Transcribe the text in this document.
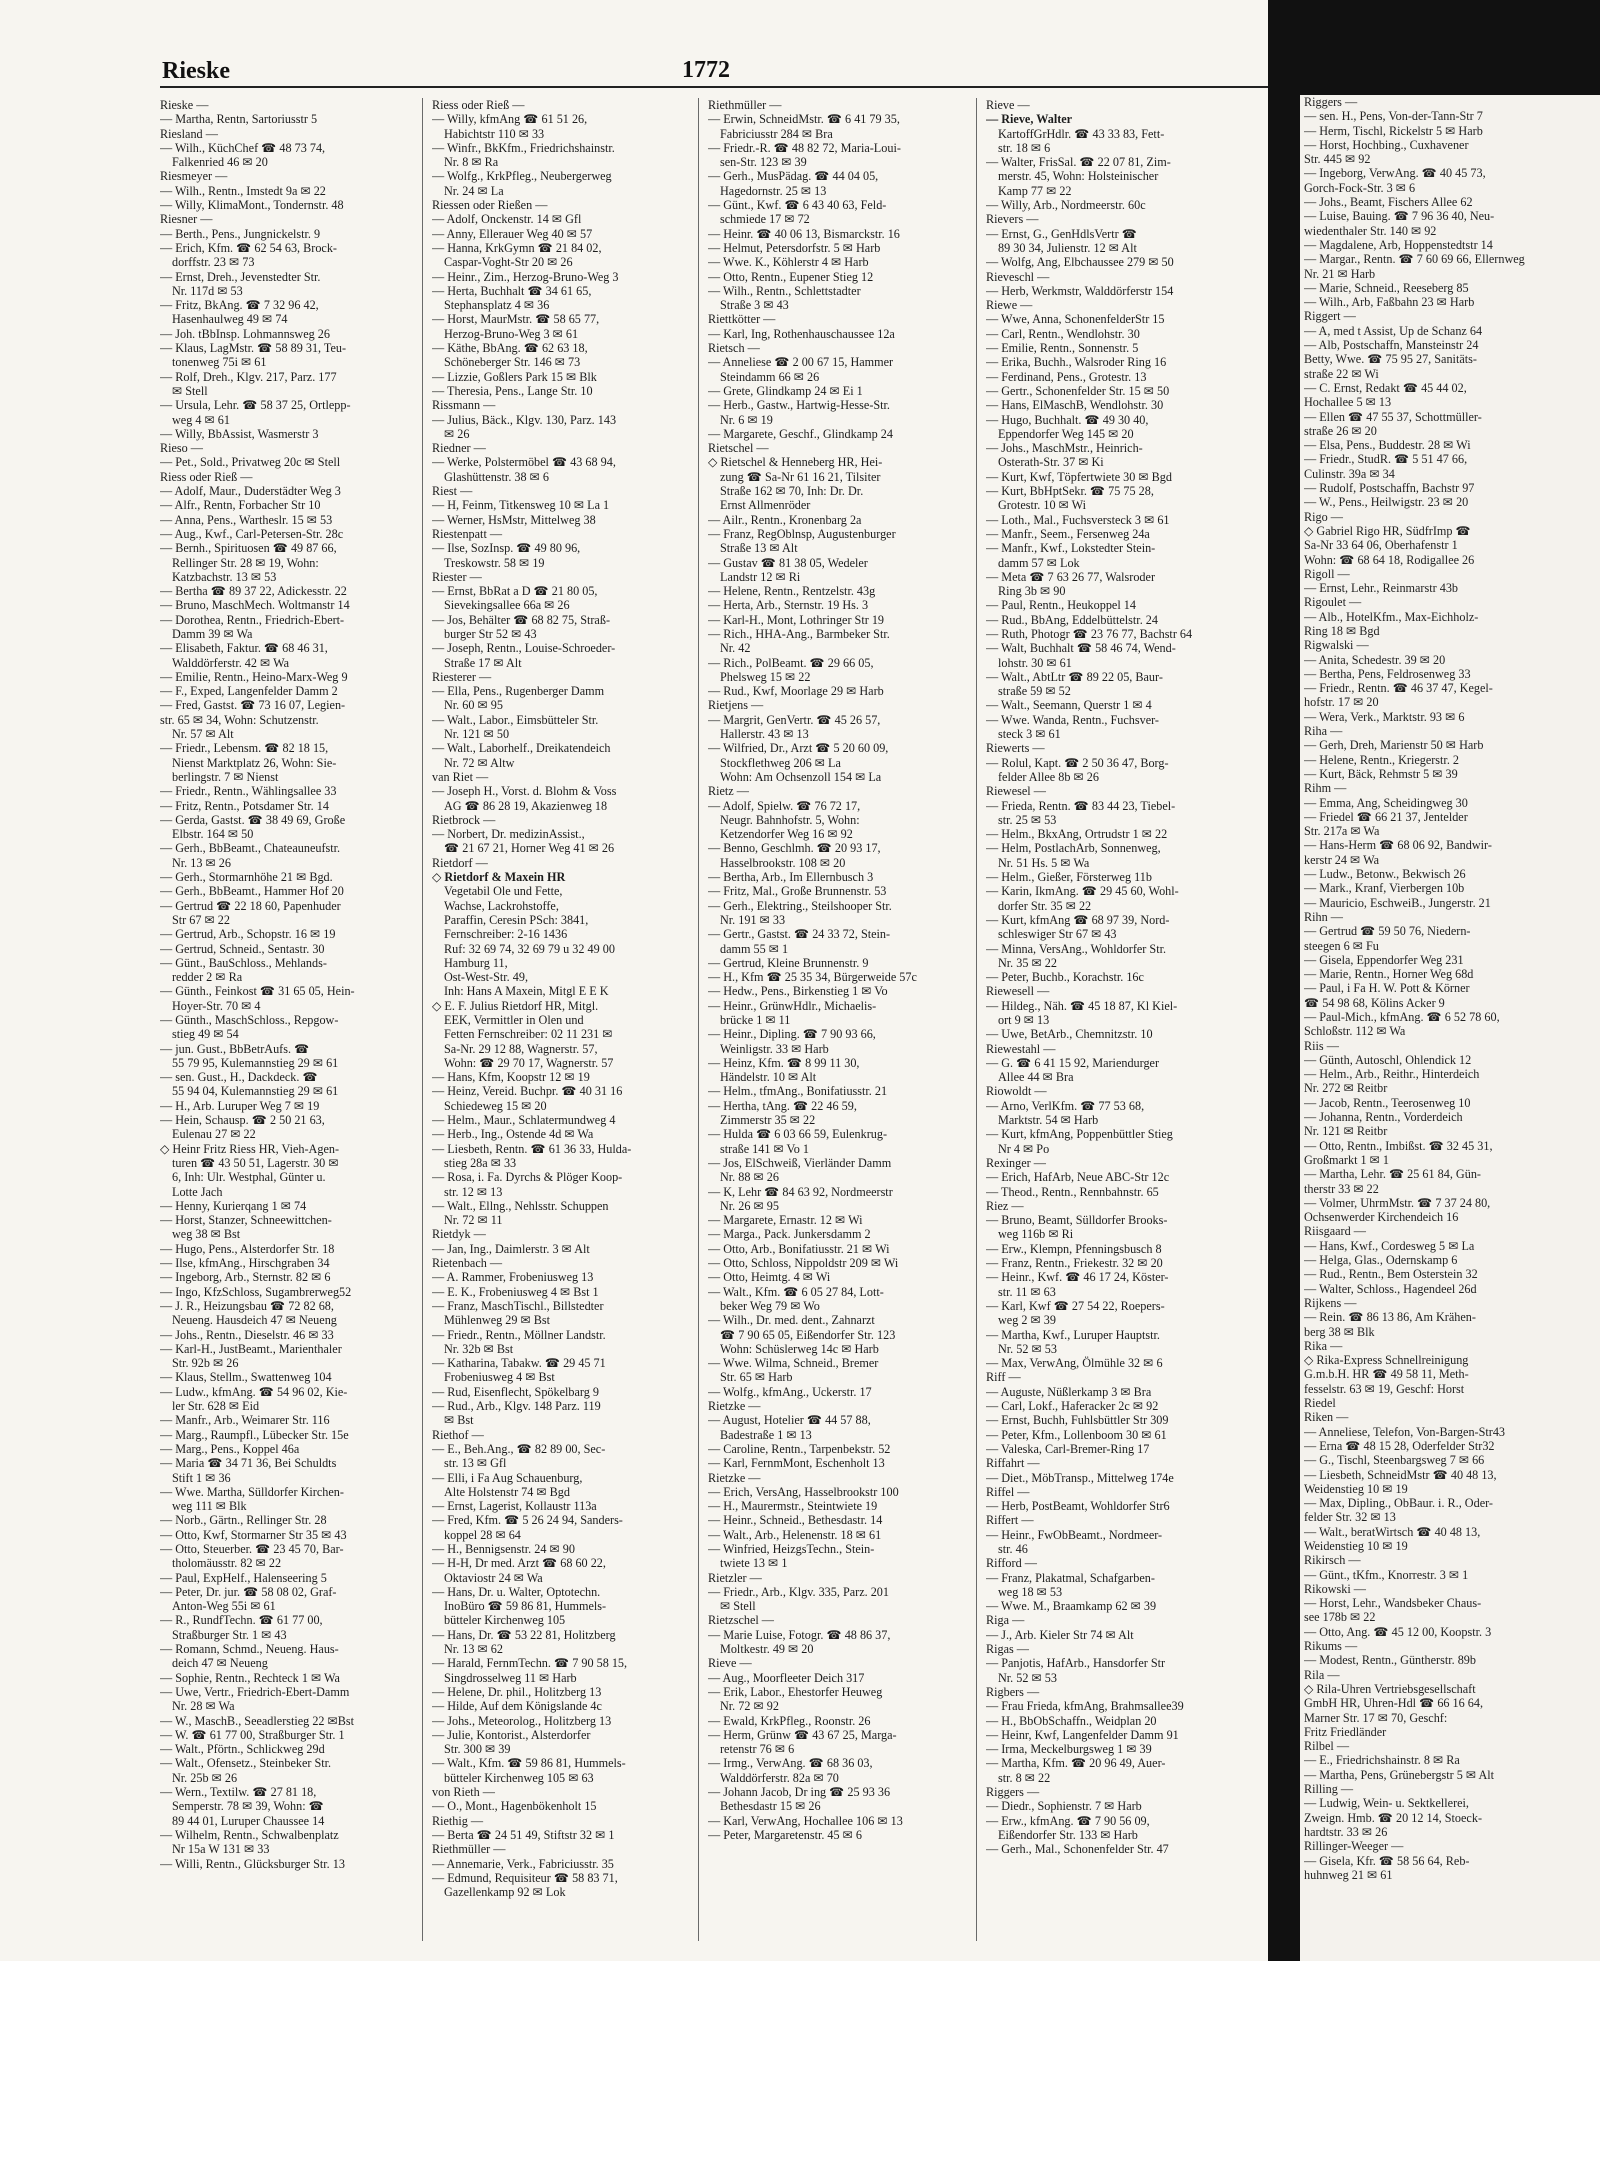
Rieske	1772
Rieske —
— Martha, Rentn, Sartoriusstr 5
Riesland —
— Wilh., KüchChef ☎ 48 73 74,
Falkenried 46 ✉ 20
Riesmeyer —
— Wilh., Rentn., Imstedt 9a ✉ 22
— Willy, KlimaMont., Tondernstr. 48
Riesner —
— Berth., Pens., Jungnickelstr. 9
— Erich, Kfm. ☎ 62 54 63, Brock-
dorffstr. 23 ✉ 73
— Ernst, Dreh., Jevenstedter Str.
Nr. 117d ✉ 53
— Fritz, BkAng. ☎ 7 32 96 42,
Hasenhaulweg 49 ✉ 74
— Joh. tBbInsp. Lohmannsweg 26
— Klaus, LagMstr. ☎ 58 89 31, Teu-
tonenweg 75i ✉ 61
— Rolf, Dreh., Klgv. 217, Parz. 177
✉ Stell
— Ursula, Lehr. ☎ 58 37 25, Ortlepp-
weg 4 ✉ 61
— Willy, BbAssist, Wasmerstr 3
Rieso —
— Pet., Sold., Privatweg 20c ✉ Stell
Riess oder Rieß —
— Adolf, Maur., Duderstädter Weg 3
— Alfr., Rentn, Forbacher Str 10
— Anna, Pens., Wartheslr. 15 ✉ 53
— Aug., Kwf., Carl-Petersen-Str. 28c
— Bernh., Spirituosen ☎ 49 87 66,
Rellinger Str. 28 ✉ 19, Wohn:
Katzbachstr. 13 ✉ 53
— Bertha ☎ 89 37 22, Adickesstr. 22
— Bruno, MaschMech. Woltmanstr 14
— Dorothea, Rentn., Friedrich-Ebert-
Damm 39 ✉ Wa
— Elisabeth, Faktur. ☎ 68 46 31,
Walddörferstr. 42 ✉ Wa
— Emilie, Rentn., Heino-Marx-Weg 9
— F., Exped, Langenfelder Damm 2
— Fred, Gastst. ☎ 73 16 07, Legien-
str. 65 ✉ 34, Wohn: Schutzenstr.
Nr. 57 ✉ Alt
— Friedr., Lebensm. ☎ 82 18 15,
Nienst Marktplatz 26, Wohn: Sie-
berlingstr. 7 ✉ Nienst
— Friedr., Rentn., Wählingsallee 33
— Fritz, Rentn., Potsdamer Str. 14
— Gerda, Gastst. ☎ 38 49 69, Große
Elbstr. 164 ✉ 50
— Gerh., BbBeamt., Chateauneufstr.
Nr. 13 ✉ 26
— Gerh., Stormarnhöhe 21 ✉ Bgd.
— Gerh., BbBeamt., Hammer Hof 20
— Gertrud ☎ 22 18 60, Papenhuder
Str 67 ✉ 22
— Gertrud, Arb., Schopstr. 16 ✉ 19
— Gertrud, Schneid., Sentastr. 30
— Günt., BauSchloss., Mehlands-
redder 2 ✉ Ra
— Günth., Feinkost ☎ 31 65 05, Hein-
Hoyer-Str. 70 ✉ 4
— Günth., MaschSchloss., Repgow-
stieg 49 ✉ 54
— jun. Gust., BbBetrAufs. ☎
55 79 95, Kulemannstieg 29 ✉ 61
— sen. Gust., H., Dackdeck. ☎
55 94 04, Kulemannstieg 29 ✉ 61
— H., Arb. Luruper Weg 7 ✉ 19
— Hein, Schausp. ☎ 2 50 21 63,
Eulenau 27 ✉ 22
◇ Heinr Fritz Riess HR, Vieh-Agen-
turen ☎ 43 50 51, Lagerstr. 30 ✉
6, Inh: Ulr. Westphal, Günter u.
Lotte Jach
— Henny, Kurierqang 1 ✉ 74
— Horst, Stanzer, Schneewittchen-
weg 38 ✉ Bst
— Hugo, Pens., Alsterdorfer Str. 18
— Ilse, kfmAng., Hirschgraben 34
— Ingeborg, Arb., Sternstr. 82 ✉ 6
— Ingo, KfzSchloss, Sugambrerweg52
— J. R., Heizungsbau ☎ 72 82 68,
Neueng. Hausdeich 47 ✉ Neueng
— Johs., Rentn., Dieselstr. 46 ✉ 33
— Karl-H., JustBeamt., Marienthaler
Str. 92b ✉ 26
— Klaus, Stellm., Swattenweg 104
— Ludw., kfmAng. ☎ 54 96 02, Kie-
ler Str. 628 ✉ Eid
— Manfr., Arb., Weimarer Str. 116
— Marg., Raumpfl., Lübecker Str. 15e
— Marg., Pens., Koppel 46a
— Maria ☎ 34 71 36, Bei Schuldts
Stift 1 ✉ 36
— Wwe. Martha, Sülldorfer Kirchen-
weg 111 ✉ Blk
— Norb., Gärtn., Rellinger Str. 28
— Otto, Kwf, Stormarner Str 35 ✉ 43
— Otto, Steuerber. ☎ 23 45 70, Bar-
tholomäusstr. 82 ✉ 22
— Paul, ExpHelf., Halenseering 5
— Peter, Dr. jur. ☎ 58 08 02, Graf-
Anton-Weg 55i ✉ 61
— R., RundfTechn. ☎ 61 77 00,
Straßburger Str. 1 ✉ 43
— Romann, Schmd., Neueng. Haus-
deich 47 ✉ Neueng
— Sophie, Rentn., Rechteck 1 ✉ Wa
— Uwe, Vertr., Friedrich-Ebert-Damm
Nr. 28 ✉ Wa
— W., MaschB., Seeadlerstieg 22 ✉Bst
— W. ☎ 61 77 00, Straßburger Str. 1
— Walt., Pförtn., Schlickweg 29d
— Walt., Ofensetz., Steinbeker Str.
Nr. 25b ✉ 26
— Wern., Textilw. ☎ 27 81 18,
Semperstr. 78 ✉ 39, Wohn: ☎
89 44 01, Luruper Chaussee 14
— Wilhelm, Rentn., Schwalbenplatz
Nr 15a W 131 ✉ 33
— Willi, Rentn., Glücksburger Str. 13
Riess oder Rieß —
— Willy, kfmAng ☎ 61 51 26,
Habichtstr 110 ✉ 33
— Winfr., BkKfm., Friedrichshainstr.
Nr. 8 ✉ Ra
— Wolfg., KrkPfleg., Neubergerweg
Nr. 24 ✉ La
Riessen oder Rießen —
— Adolf, Onckenstr. 14 ✉ Gfl
— Anny, Ellerauer Weg 40 ✉ 57
— Hanna, KrkGymn ☎ 21 84 02,
Caspar-Voght-Str 20 ✉ 26
— Heinr., Zim., Herzog-Bruno-Weg 3
— Herta, Buchhalt ☎ 34 61 65,
Stephansplatz 4 ✉ 36
— Horst, MaurMstr. ☎ 58 65 77,
Herzog-Bruno-Weg 3 ✉ 61
— Käthe, BbAng. ☎ 62 63 18,
Schöneberger Str. 146 ✉ 73
— Lizzie, Goßlers Park 15 ✉ Blk
— Theresia, Pens., Lange Str. 10
Rissmann —
— Julius, Bäck., Klgv. 130, Parz. 143
✉ 26
Riedner —
— Werke, Polstermöbel ☎ 43 68 94,
Glashüttenstr. 38 ✉ 6
Riest —
— H, Feinm, Titkensweg 10 ✉ La 1
— Werner, HsMstr, Mittelweg 38
Riestenpatt —
— Ilse, SozInsp. ☎ 49 80 96,
Treskowstr. 58 ✉ 19
Riester —
— Ernst, BbRat a D ☎ 21 80 05,
Sievekingsallee 66a ✉ 26
— Jos, Behälter ☎ 68 82 75, Straß-
burger Str 52 ✉ 43
— Joseph, Rentn., Louise-Schroeder-
Straße 17 ✉ Alt
Riesterer —
— Ella, Pens., Rugenberger Damm
Nr. 60 ✉ 95
— Walt., Labor., Eimsbütteler Str.
Nr. 121 ✉ 50
— Walt., Laborhelf., Dreikatendeich
Nr. 72 ✉ Altw
van Riet —
— Joseph H., Vorst. d. Blohm & Voss
AG ☎ 86 28 19, Akazienweg 18
Rietbrock —
— Norbert, Dr. medizinAssist.,
☎ 21 67 21, Horner Weg 41 ✉ 26
Rietdorf —
◇ Rietdorf & Maxein HR
Vegetabil Ole und Fette,
Wachse, Lackrohstoffe,
Paraffin, Ceresin PSch: 3841,
Fernschreiber: 2-16 1436
Ruf: 32 69 74, 32 69 79 u 32 49 00
Hamburg 11,
Ost-West-Str. 49,
Inh: Hans A Maxein, Mitgl E E K
◇ E. F. Julius Rietdorf HR, Mitgl.
EEK, Vermittler in Olen und
Fetten Fernschreiber: 02 11 231 ✉
Sa-Nr. 29 12 88, Wagnerstr. 57,
Wohn: ☎ 29 70 17, Wagnerstr. 57
— Hans, Kfm, Koopstr 12 ✉ 19
— Heinz, Vereid. Buchpr. ☎ 40 31 16
Schiedeweg 15 ✉ 20
— Helm., Maur., Schlatermundweg 4
— Herb., Ing., Ostende 4d ✉ Wa
— Liesbeth, Rentn. ☎ 61 36 33, Hulda-
stieg 28a ✉ 33
— Rosa, i. Fa. Dyrchs & Plöger Koop-
str. 12 ✉ 13
— Walt., Ellng., Nehlsstr. Schuppen
Nr. 72 ✉ 11
Rietdyk —
— Jan, Ing., Daimlerstr. 3 ✉ Alt
Rietenbach —
— A. Rammer, Frobeniusweg 13
— E. K., Frobeniusweg 4 ✉ Bst 1
— Franz, MaschTischl., Billstedter
Mühlenweg 29 ✉ Bst
— Friedr., Rentn., Möllner Landstr.
Nr. 32b ✉ Bst
— Katharina, Tabakw. ☎ 29 45 71
Frobeniusweg 4 ✉ Bst
— Rud, Eisenflecht, Spökelbarg 9
— Rud., Arb., Klgv. 148 Parz. 119
✉ Bst
Riethof —
— E., Beh.Ang., ☎ 82 89 00, Sec-
str. 13 ✉ Gfl
— Elli, i Fa Aug Schauenburg,
Alte Holstenstr 74 ✉ Bgd
— Ernst, Lagerist, Kollaustr 113a
— Fred, Kfm. ☎ 5 26 24 94, Sanders-
koppel 28 ✉ 64
— H., Bennigsenstr. 24 ✉ 90
— H-H, Dr med. Arzt ☎ 68 60 22,
Oktaviostr 24 ✉ Wa
— Hans, Dr. u. Walter, Optotechn.
InoBüro ☎ 59 86 81, Hummels-
bütteler Kirchenweg 105
— Hans, Dr. ☎ 53 22 81, Holitzberg
Nr. 13 ✉ 62
— Harald, FernmTechn. ☎ 7 90 58 15,
Singdrosselweg 11 ✉ Harb
— Helene, Dr. phil., Holitzberg 13
— Hilde, Auf dem Königslande 4c
— Johs., Meteorolog., Holitzberg 13
— Julie, Kontorist., Alsterdorfer
Str. 300 ✉ 39
— Walt., Kfm. ☎ 59 86 81, Hummels-
bütteler Kirchenweg 105 ✉ 63
von Rieth —
— O., Mont., Hagenbökenholt 15
Riethig —
— Berta ☎ 24 51 49, Stiftstr 32 ✉ 1
Riethmüller —
— Annemarie, Verk., Fabriciusstr. 35
— Edmund, Requisiteur ☎ 58 83 71,
Gazellenkamp 92 ✉ Lok
Riethmüller —
— Erwin, SchneidMstr. ☎ 6 41 79 35,
Fabriciusstr 284 ✉ Bra
— Friedr.-R. ☎ 48 82 72, Maria-Loui-
sen-Str. 123 ✉ 39
— Gerh., MusPädag. ☎ 44 04 05,
Hagedornstr. 25 ✉ 13
— Günt., Kwf. ☎ 6 43 40 63, Feld-
schmiede 17 ✉ 72
— Heinr. ☎ 40 06 13, Bismarckstr. 16
— Helmut, Petersdorfstr. 5 ✉ Harb
— Wwe. K., Köhlerstr 4 ✉ Harb
— Otto, Rentn., Eupener Stieg 12
— Wilh., Rentn., Schlettstadter
Straße 3 ✉ 43
Riettkötter —
— Karl, Ing, Rothenhauschaussee 12a
Rietsch —
— Anneliese ☎ 2 00 67 15, Hammer
Steindamm 66 ✉ 26
— Grete, Glindkamp 24 ✉ Ei 1
— Herb., Gastw., Hartwig-Hesse-Str.
Nr. 6 ✉ 19
— Margarete, Geschf., Glindkamp 24
Rietschel —
◇ Rietschel & Henneberg HR, Hei-
zung ☎ Sa-Nr 61 16 21, Tilsiter
Straße 162 ✉ 70, Inh: Dr. Dr.
Ernst Allmenröder
— Ailr., Rentn., Kronenbarg 2a
— Franz, RegOblnsp, Augustenburger
Straße 13 ✉ Alt
— Gustav ☎ 81 38 05, Wedeler
Landstr 12 ✉ Ri
— Helene, Rentn., Rentzelstr. 43g
— Herta, Arb., Sternstr. 19 Hs. 3
— Karl-H., Mont, Lothringer Str 19
— Rich., HHA-Ang., Barmbeker Str.
Nr. 42
— Rich., PolBeamt. ☎ 29 66 05,
Phelsweg 15 ✉ 22
— Rud., Kwf, Moorlage 29 ✉ Harb
Rietjens —
— Margrit, GenVertr. ☎ 45 26 57,
Hallerstr. 43 ✉ 13
— Wilfried, Dr., Arzt ☎ 5 20 60 09,
Stockflethweg 206 ✉ La
Wohn: Am Ochsenzoll 154 ✉ La
Rietz —
— Adolf, Spielw. ☎ 76 72 17,
Neugr. Bahnhofstr. 5, Wohn:
Ketzendorfer Weg 16 ✉ 92
— Benno, Geschlmh. ☎ 20 93 17,
Hasselbrookstr. 108 ✉ 20
— Bertha, Arb., Im Ellernbusch 3
— Fritz, Mal., Große Brunnenstr. 53
— Gerh., Elektring., Steilshooper Str.
Nr. 191 ✉ 33
— Gertr., Gastst. ☎ 24 33 72, Stein-
damm 55 ✉ 1
— Gertrud, Kleine Brunnenstr. 9
— H., Kfm ☎ 25 35 34, Bürgerweide 57c
— Hedw., Pens., Birkenstieg 1 ✉ Vo
— Heinr., GrünwHdlr., Michaelis-
brücke 1 ✉ 11
— Heinr., Dipling. ☎ 7 90 93 66,
Weinligstr. 33 ✉ Harb
— Heinz, Kfm. ☎ 8 99 11 30,
Händelstr. 10 ✉ Alt
— Helm., tfmAng., Bonifatiusstr. 21
— Hertha, tAng. ☎ 22 46 59,
Zimmerstr 35 ✉ 22
— Hulda ☎ 6 03 66 59, Eulenkrug-
straße 141 ✉ Vo 1
— Jos, ElSchweiß, Vierländer Damm
Nr. 88 ✉ 26
— K, Lehr ☎ 84 63 92, Nordmeerstr
Nr. 26 ✉ 95
— Margarete, Ernastr. 12 ✉ Wi
— Marga., Pack. Junkersdamm 2
— Otto, Arb., Bonifatiusstr. 21 ✉ Wi
— Otto, Schloss, Nippoldstr 209 ✉ Wi
— Otto, Heimtg. 4 ✉ Wi
— Walt., Kfm. ☎ 6 05 27 84, Lott-
beker Weg 79 ✉ Wo
— Wilh., Dr. med. dent., Zahnarzt
☎ 7 90 65 05, Eißendorfer Str. 123
Wohn: Schüslerweg 14c ✉ Harb
— Wwe. Wilma, Schneid., Bremer
Str. 65 ✉ Harb
— Wolfg., kfmAng., Uckerstr. 17
Rietzke —
— August, Hotelier ☎ 44 57 88,
Badestraße 1 ✉ 13
— Caroline, Rentn., Tarpenbekstr. 52
— Karl, FernmMont, Eschenholt 13
Rietzke —
— Erich, VersAng, Hasselbrookstr 100
— H., Maurermstr., Steintwiete 19
— Heinr., Schneid., Bethesdastr. 14
— Walt., Arb., Helenenstr. 18 ✉ 61
— Winfried, HeizgsTechn., Stein-
twiete 13 ✉ 1
Rietzler —
— Friedr., Arb., Klgv. 335, Parz. 201
✉ Stell
Rietzschel —
— Marie Luise, Fotogr. ☎ 48 86 37,
Moltkestr. 49 ✉ 20
Rieve —
— Aug., Moorfleeter Deich 317
— Erik, Labor., Ehestorfer Heuweg
Nr. 72 ✉ 92
— Ewald, KrkPfleg., Roonstr. 26
— Herm, Grünw ☎ 43 67 25, Marga-
retenstr 76 ✉ 6
— Irmg., VerwAng. ☎ 68 36 03,
Walddörferstr. 82a ✉ 70
— Johann Jacob, Dr ing ☎ 25 93 36
Bethesdastr 15 ✉ 26
— Karl, VerwAng, Hochallee 106 ✉ 13
— Peter, Margaretenstr. 45 ✉ 6
Rieve —
— Rieve, Walter
KartoffGrHdlr. ☎ 43 33 83, Fett-
str. 18 ✉ 6
— Walter, FrisSal. ☎ 22 07 81, Zim-
merstr. 45, Wohn: Holsteinischer
Kamp 77 ✉ 22
— Willy, Arb., Nordmeerstr. 60c
Rievers —
— Ernst, G., GenHdlsVertr ☎
89 30 34, Julienstr. 12 ✉ Alt
— Wolfg, Ang, Elbchaussee 279 ✉ 50
Rieveschl —
— Herb, Werkmstr, Walddörferstr 154
Riewe —
— Wwe, Anna, SchonenfelderStr 15
— Carl, Rentn., Wendlohstr. 30
— Emilie, Rentn., Sonnenstr. 5
— Erika, Buchh., Walsroder Ring 16
— Ferdinand, Pens., Grotestr. 13
— Gertr., Schonenfelder Str. 15 ✉ 50
— Hans, ElMaschB, Wendlohstr. 30
— Hugo, Buchhalt. ☎ 49 30 40,
Eppendorfer Weg 145 ✉ 20
— Johs., MaschMstr., Heinrich-
Osterath-Str. 37 ✉ Ki
— Kurt, Kwf, Töpfertwiete 30 ✉ Bgd
— Kurt, BbHptSekr. ☎ 75 75 28,
Grotestr. 10 ✉ Wi
— Loth., Mal., Fuchsversteck 3 ✉ 61
— Manfr., Seem., Fersenweg 24a
— Manfr., Kwf., Lokstedter Stein-
damm 57 ✉ Lok
— Meta ☎ 7 63 26 77, Walsroder
Ring 3b ✉ 90
— Paul, Rentn., Heukoppel 14
— Rud., BbAng, Eddelbüttelstr. 24
— Ruth, Photogr ☎ 23 76 77, Bachstr 64
— Walt, Buchhalt ☎ 58 46 74, Wend-
lohstr. 30 ✉ 61
— Walt., AbtLtr ☎ 89 22 05, Baur-
straße 59 ✉ 52
— Walt., Seemann, Querstr 1 ✉ 4
— Wwe. Wanda, Rentn., Fuchsver-
steck 3 ✉ 61
Riewerts —
— Rolul, Kapt. ☎ 2 50 36 47, Borg-
felder Allee 8b ✉ 26
Riewesel —
— Frieda, Rentn. ☎ 83 44 23, Tiebel-
str. 25 ✉ 53
— Helm., BkxAng, Ortrudstr 1 ✉ 22
— Helm, PostlachArb, Sonnenweg,
Nr. 51 Hs. 5 ✉ Wa
— Helm., Gießer, Försterweg 11b
— Karin, IkmAng. ☎ 29 45 60, Wohl-
dorfer Str. 35 ✉ 22
— Kurt, kfmAng ☎ 68 97 39, Nord-
schleswiger Str 67 ✉ 43
— Minna, VersAng., Wohldorfer Str.
Nr. 35 ✉ 22
— Peter, Buchb., Korachstr. 16c
Riewesell —
— Hildeg., Näh. ☎ 45 18 87, Kl Kiel-
ort 9 ✉ 13
— Uwe, BetArb., Chemnitzstr. 10
Riewestahl —
— G. ☎ 6 41 15 92, Mariendurger
Allee 44 ✉ Bra
Riowoldt —
— Arno, VerlKfm. ☎ 77 53 68,
Marktstr. 54 ✉ Harb
— Kurt, kfmAng, Poppenbüttler Stieg
Nr 4 ✉ Po
Rexinger —
— Erich, HafArb, Neue ABC-Str 12c
— Theod., Rentn., Rennbahnstr. 65
Riez —
— Bruno, Beamt, Sülldorfer Brooks-
weg 116b ✉ Ri
— Erw., Klempn, Pfenningsbusch 8
— Franz, Rentn., Friekestr. 32 ✉ 20
— Heinr., Kwf. ☎ 46 17 24, Köster-
str. 11 ✉ 63
— Karl, Kwf ☎ 27 54 22, Roepers-
weg 2 ✉ 39
— Martha, Kwf., Luruper Hauptstr.
Nr. 52 ✉ 53
— Max, VerwAng, Ölmühle 32 ✉ 6
Riff —
— Auguste, Nüßlerkamp 3 ✉ Bra
— Carl, Lokf., Haferacker 2c ✉ 92
— Ernst, Buchh, Fuhlsbüttler Str 309
— Peter, Kfm., Lollenboom 30 ✉ 61
— Valeska, Carl-Bremer-Ring 17
Riffahrt —
— Diet., MöbTransp., Mittelweg 174e
Riffel —
— Herb, PostBeamt, Wohldorfer Str6
Riffert —
— Heinr., FwObBeamt., Nordmeer-
str. 46
Rifford —
— Franz, Plakatmal, Schafgarben-
weg 18 ✉ 53
— Wwe. M., Braamkamp 62 ✉ 39
Riga —
— J., Arb. Kieler Str 74 ✉ Alt
Rigas —
— Panjotis, HafArb., Hansdorfer Str
Nr. 52 ✉ 53
Rigbers —
— Frau Frieda, kfmAng, Brahmsallee39
— H., BbObSchaffn., Weidplan 20
— Heinr, Kwf, Langenfelder Damm 91
— Irma, Meckelburgsweg 1 ✉ 39
— Martha, Kfm. ☎ 20 96 49, Auer-
str. 8 ✉ 22
Riggers —
— Diedr., Sophienstr. 7 ✉ Harb
— Erw., kfmAng. ☎ 7 90 56 09,
Eißendorfer Str. 133 ✉ Harb
— Gerh., Mal., Schonenfelder Str. 47
Riggers —
— sen. H., Pens, Von-der-Tann-Str 7
— Herm, Tischl, Rickelstr 5 ✉ Harb
— Horst, Hochbing., Cuxhavener
Str. 445 ✉ 92
— Ingeborg, VerwAng. ☎ 40 45 73,
Gorch-Fock-Str. 3 ✉ 6
— Johs., Beamt, Fischers Allee 62
— Luise, Bauing. ☎ 7 96 36 40, Neu-
wiedenthaler Str. 140 ✉ 92
— Magdalene, Arb, Hoppenstedtstr 14
— Margar., Rentn. ☎ 7 60 69 66, Ellernweg
Nr. 21 ✉ Harb
— Marie, Schneid., Reeseberg 85
— Wilh., Arb, Faßbahn 23 ✉ Harb
Riggert —
— A, med t Assist, Up de Schanz 64
— Alb, Postschaffn, Mansteinstr 24
Betty, Wwe. ☎ 75 95 27, Sanitäts-
straße 22 ✉ Wi
— C. Ernst, Redakt ☎ 45 44 02,
Hochallee 5 ✉ 13
— Ellen ☎ 47 55 37, Schottmüller-
straße 26 ✉ 20
— Elsa, Pens., Buddestr. 28 ✉ Wi
— Friedr., StudR. ☎ 5 51 47 66,
Culinstr. 39a ✉ 34
— Rudolf, Postschaffn, Bachstr 97
— W., Pens., Heilwigstr. 23 ✉ 20
Rigo —
◇ Gabriel Rigo HR, SüdfrImp ☎
Sa-Nr 33 64 06, Oberhafenstr 1
Wohn: ☎ 68 64 18, Rodigallee 26
Rigoll —
— Ernst, Lehr., Reinmarstr 43b
Rigoulet —
— Alb., HotelKfm., Max-Eichholz-
Ring 18 ✉ Bgd
Rigwalski —
— Anita, Schedestr. 39 ✉ 20
— Bertha, Pens, Feldrosenweg 33
— Friedr., Rentn. ☎ 46 37 47, Kegel-
hofstr. 17 ✉ 20
— Wera, Verk., Marktstr. 93 ✉ 6
Riha —
— Gerh, Dreh, Marienstr 50 ✉ Harb
— Helene, Rentn., Kriegerstr. 2
— Kurt, Bäck, Rehmstr 5 ✉ 39
Rihm —
— Emma, Ang, Scheidingweg 30
— Friedel ☎ 66 21 37, Jentelder
Str. 217a ✉ Wa
— Hans-Herm ☎ 68 06 92, Bandwir-
kerstr 24 ✉ Wa
— Ludw., Betonw., Bekwisch 26
— Mark., Kranf, Vierbergen 10b
— Mauricio, EschweiB., Jungerstr. 21
Rihn —
— Gertrud ☎ 59 50 76, Niedern-
steegen 6 ✉ Fu
— Gisela, Eppendorfer Weg 231
— Marie, Rentn., Horner Weg 68d
— Paul, i Fa H. W. Pott & Körner
☎ 54 98 68, Kölins Acker 9
— Paul-Mich., kfmAng. ☎ 6 52 78 60,
Schloßstr. 112 ✉ Wa
Riis —
— Günth, Autoschl, Ohlendick 12
— Helm., Arb., Reithr., Hinterdeich
Nr. 272 ✉ Reitbr
— Jacob, Rentn., Teerosenweg 10
— Johanna, Rentn., Vorderdeich
Nr. 121 ✉ Reitbr
— Otto, Rentn., Imbißst. ☎ 32 45 31,
Großmarkt 1 ✉ 1
— Martha, Lehr. ☎ 25 61 84, Gün-
therstr 33 ✉ 22
— Volmer, UhrmMstr. ☎ 7 37 24 80,
Ochsenwerder Kirchendeich 16
Riisgaard —
— Hans, Kwf., Cordesweg 5 ✉ La
— Helga, Glas., Odernskamp 6
— Rud., Rentn., Bem Osterstein 32
— Walter, Schloss., Hagendeel 26d
Rijkens —
— Rein. ☎ 86 13 86, Am Krähen-
berg 38 ✉ Blk
Rika —
◇ Rika-Express Schnellreinigung
G.m.b.H. HR ☎ 49 58 11, Meth-
fesselstr. 63 ✉ 19, Geschf: Horst
Riedel
Riken —
— Anneliese, Telefon, Von-Bargen-Str43
— Erna ☎ 48 15 28, Oderfelder Str32
— G., Tischl, Steenbargsweg 7 ✉ 66
— Liesbeth, SchneidMstr ☎ 40 48 13,
Weidenstieg 10 ✉ 19
— Max, Dipling., ObBaur. i. R., Oder-
felder Str. 32 ✉ 13
— Walt., beratWirtsch ☎ 40 48 13,
Weidenstieg 10 ✉ 19
Rikirsch —
— Günt., tKfm., Knorrestr. 3 ✉ 1
Rikowski —
— Horst, Lehr., Wandsbeker Chaus-
see 178b ✉ 22
— Otto, Ang. ☎ 45 12 00, Koopstr. 3
Rikums —
— Modest, Rentn., Güntherstr. 89b
Rila —
◇ Rila-Uhren Vertriebsgesellschaft
GmbH HR, Uhren-Hdl ☎ 66 16 64,
Marner Str. 17 ✉ 70, Geschf:
Fritz Friedländer
Rilbel —
— E., Friedrichshainstr. 8 ✉ Ra
— Martha, Pens, Grünebergstr 5 ✉ Alt
Rilling —
— Ludwig, Wein- u. Sektkellerei,
Zweign. Hmb. ☎ 20 12 14, Stoeck-
hardtstr. 33 ✉ 26
Rillinger-Weeger —
— Gisela, Kfr. ☎ 58 56 64, Reb-
huhnweg 21 ✉ 61
